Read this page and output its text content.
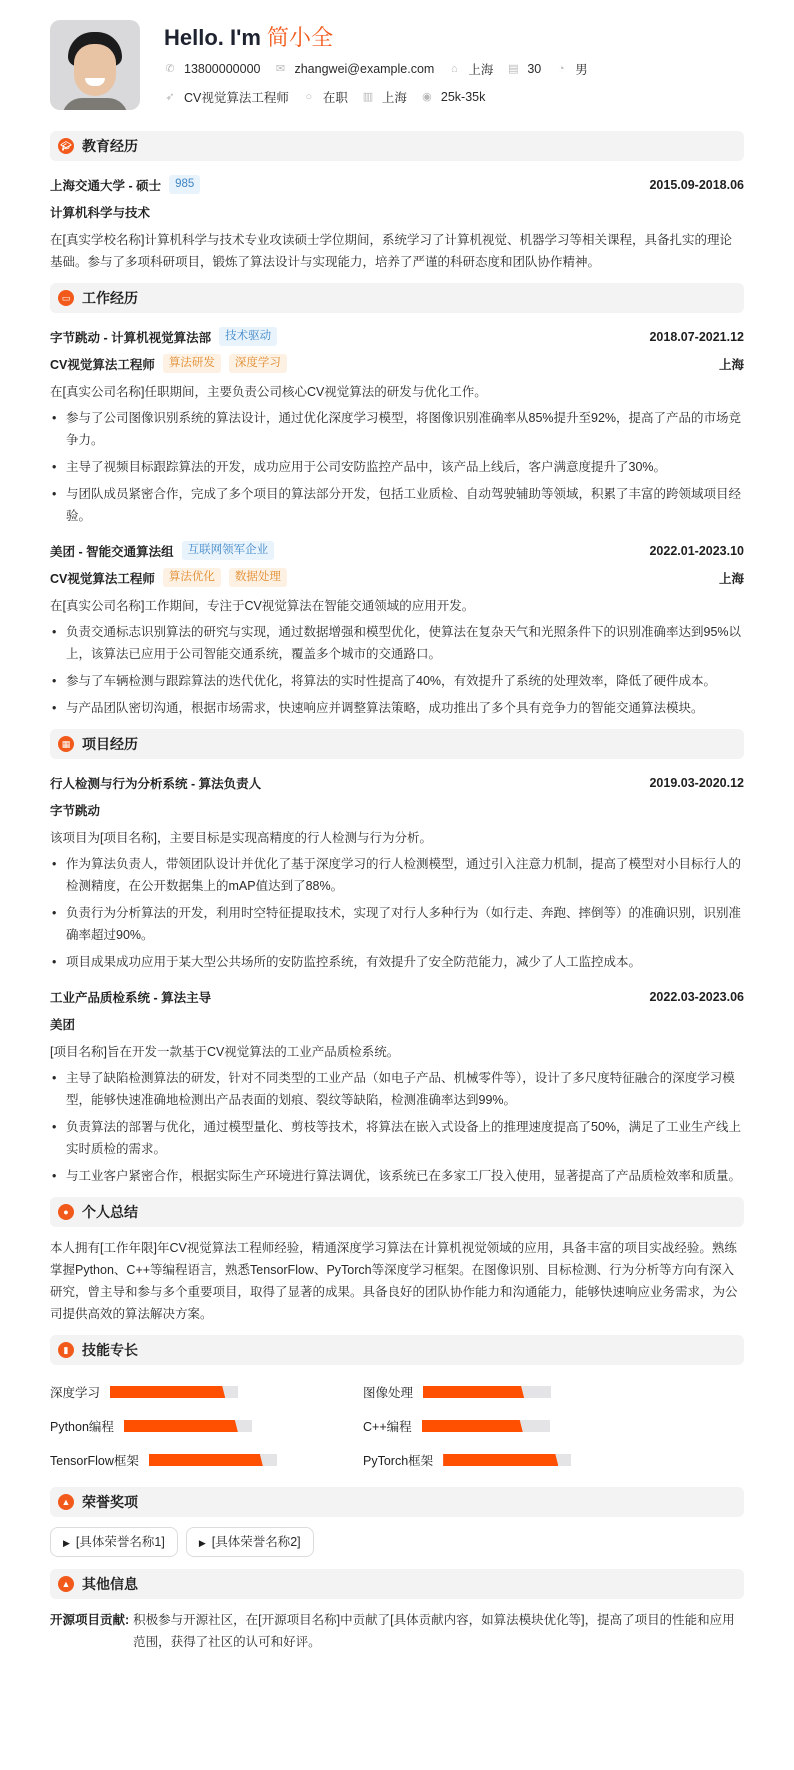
Hello. I'm 简小全
✆ 13800000000 ✉ zhangwei@example.com ⌂ 上海 ▤ 30 ◔ 男
➶ CV视觉算法工程师 ○ 在职 ▥ 上海 ◉ 25k-35k
🎓︎ 教育经历
上海交通大学 - 硕士	985	2015.09-2018.06
计算机科学与技术
在[真实学校名称]计算机科学与技术专业攻读硕士学位期间，系统学习了计算机视觉、机器学习等相关课程，具备扎实的理论基础。参与了多项科研项目，锻炼了算法设计与实现能力，培养了严谨的科研态度和团队协作精神。
▭ 工作经历
字节跳动 - 计算机视觉算法部	技术驱动	2018.07-2021.12
CV视觉算法工程师	算法研发	深度学习	上海
在[真实公司名称]任职期间，主要负责公司核心CV视觉算法的研发与优化工作。
• 参与了公司图像识别系统的算法设计，通过优化深度学习模型，将图像识别准确率从85%提升至92%，提高了产品的市场竞争力。
• 主导了视频目标跟踪算法的开发，成功应用于公司安防监控产品中，该产品上线后，客户满意度提升了30%。
• 与团队成员紧密合作，完成了多个项目的算法部分开发，包括工业质检、自动驾驶辅助等领域，积累了丰富的跨领域项目经验。
美团 - 智能交通算法组	互联网领军企业	2022.01-2023.10
CV视觉算法工程师	算法优化	数据处理	上海
在[真实公司名称]工作期间，专注于CV视觉算法在智能交通领域的应用开发。
• 负责交通标志识别算法的研究与实现，通过数据增强和模型优化，使算法在复杂天气和光照条件下的识别准确率达到95%以上，该算法已应用于公司智能交通系统，覆盖多个城市的交通路口。
• 参与了车辆检测与跟踪算法的迭代优化，将算法的实时性提高了40%，有效提升了系统的处理效率，降低了硬件成本。
• 与产品团队密切沟通，根据市场需求，快速响应并调整算法策略，成功推出了多个具有竞争力的智能交通算法模块。
▦ 项目经历
行人检测与行为分析系统 - 算法负责人	2019.03-2020.12
字节跳动
该项目为[项目名称]，主要目标是实现高精度的行人检测与行为分析。
• 作为算法负责人，带领团队设计并优化了基于深度学习的行人检测模型，通过引入注意力机制，提高了模型对小目标行人的检测精度，在公开数据集上的mAP值达到了88%。
• 负责行为分析算法的开发，利用时空特征提取技术，实现了对行人多种行为（如行走、奔跑、摔倒等）的准确识别，识别准确率超过90%。
• 项目成果成功应用于某大型公共场所的安防监控系统，有效提升了安全防范能力，减少了人工监控成本。
工业产品质检系统 - 算法主导	2022.03-2023.06
美团
[项目名称]旨在开发一款基于CV视觉算法的工业产品质检系统。
• 主导了缺陷检测算法的研发，针对不同类型的工业产品（如电子产品、机械零件等），设计了多尺度特征融合的深度学习模型，能够快速准确地检测出产品表面的划痕、裂纹等缺陷，检测准确率达到99%。
• 负责算法的部署与优化，通过模型量化、剪枝等技术，将算法在嵌入式设备上的推理速度提高了50%，满足了工业生产线上实时质检的需求。
• 与工业客户紧密合作，根据实际生产环境进行算法调优，该系统已在多家工厂投入使用，显著提高了产品质检效率和质量。
● 个人总结
本人拥有[工作年限]年CV视觉算法工程师经验，精通深度学习算法在计算机视觉领域的应用，具备丰富的项目实战经验。熟练掌握Python、C++等编程语言，熟悉TensorFlow、PyTorch等深度学习框架。在图像识别、目标检测、行为分析等方向有深入研究，曾主导和参与多个重要项目，取得了显著的成果。具备良好的团队协作能力和沟通能力，能够快速响应业务需求，为公司提供高效的算法解决方案。
▮ 技能专长
深度学习	图像处理
Python编程	C++编程
TensorFlow框架	PyTorch框架
▲ 荣誉奖项
▶ [具体荣誉名称1]	▶ [具体荣誉名称2]
▲ 其他信息
开源项目贡献: 积极参与开源社区，在[开源项目名称]中贡献了[具体贡献内容，如算法模块优化等]，提高了项目的性能和应用范围，获得了社区的认可和好评。
